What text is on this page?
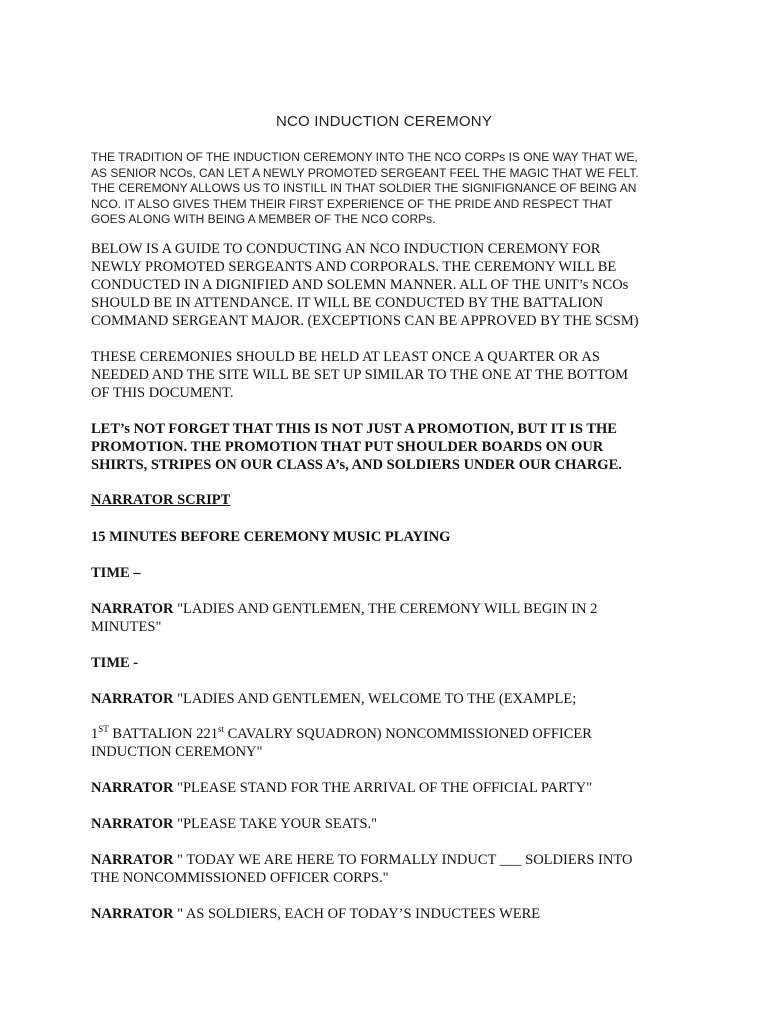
NCO INDUCTION CEREMONY
THE TRADITION OF THE INDUCTION CEREMONY INTO THE NCO CORPs IS ONE WAY THAT WE,
AS SENIOR NCOs, CAN LET A NEWLY PROMOTED SERGEANT FEEL THE MAGIC THAT WE FELT.
THE CEREMONY ALLOWS US TO INSTILL IN THAT SOLDIER THE SIGNIFIGNANCE OF BEING AN
NCO. IT ALSO GIVES THEM THEIR FIRST EXPERIENCE OF THE PRIDE AND RESPECT THAT
GOES ALONG WITH BEING A MEMBER OF THE NCO CORPs.
BELOW IS A GUIDE TO CONDUCTING AN NCO INDUCTION CEREMONY FOR
NEWLY PROMOTED SERGEANTS AND CORPORALS. THE CEREMONY WILL BE
CONDUCTED IN A DIGNIFIED AND SOLEMN MANNER. ALL OF THE UNIT’s NCOs
SHOULD BE IN ATTENDANCE. IT WILL BE CONDUCTED BY THE BATTALION
COMMAND SERGEANT MAJOR. (EXCEPTIONS CAN BE APPROVED BY THE SCSM)
THESE CEREMONIES SHOULD BE HELD AT LEAST ONCE A QUARTER OR AS
NEEDED AND THE SITE WILL BE SET UP SIMILAR TO THE ONE AT THE BOTTOM
OF THIS DOCUMENT.
LET’s NOT FORGET THAT THIS IS NOT JUST A PROMOTION, BUT IT IS THE
PROMOTION. THE PROMOTION THAT PUT SHOULDER BOARDS ON OUR
SHIRTS, STRIPES ON OUR CLASS A’s, AND SOLDIERS UNDER OUR CHARGE.
NARRATOR SCRIPT
15 MINUTES BEFORE CEREMONY MUSIC PLAYING
TIME –
NARRATOR "LADIES AND GENTLEMEN, THE CEREMONY WILL BEGIN IN 2
MINUTES"
TIME -
NARRATOR "LADIES AND GENTLEMEN, WELCOME TO THE (EXAMPLE;
1ST BATTALION 221st CAVALRY SQUADRON) NONCOMMISSIONED OFFICER
INDUCTION CEREMONY"
NARRATOR "PLEASE STAND FOR THE ARRIVAL OF THE OFFICIAL PARTY"
NARRATOR "PLEASE TAKE YOUR SEATS."
NARRATOR " TODAY WE ARE HERE TO FORMALLY INDUCT ___ SOLDIERS INTO
THE NONCOMMISSIONED OFFICER CORPS."
NARRATOR " AS SOLDIERS, EACH OF TODAY’S INDUCTEES WERE
